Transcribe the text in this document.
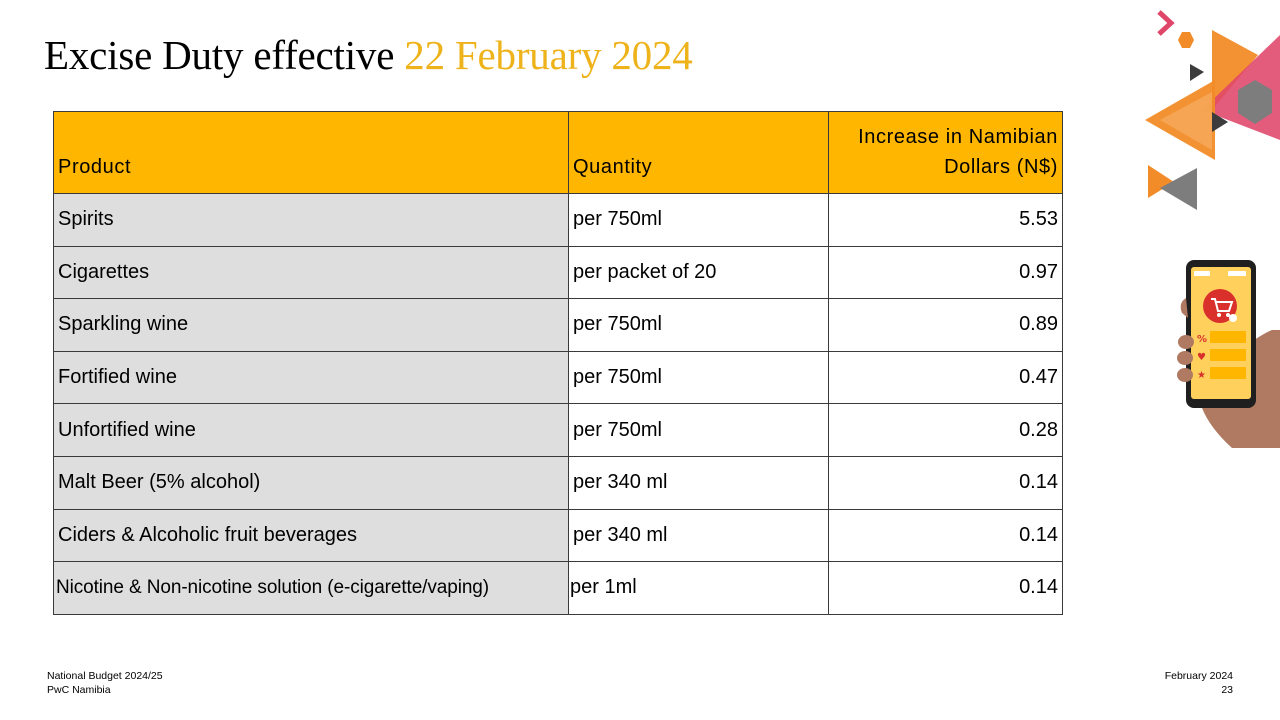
Excise Duty effective 22 February 2024
Product	Quantity	Increase in Namibian Dollars (N$)
Spirits	per 750ml	5.53
Cigarettes	per packet of 20	0.97
Sparkling wine	per 750ml	0.89
Fortified wine	per 750ml	0.47
Unfortified wine	per 750ml	0.28
Malt Beer (5% alcohol)	per 340 ml	0.14
Ciders & Alcoholic fruit beverages	per 340 ml	0.14
Nicotine & Non-nicotine solution (e-cigarette/vaping)	per 1ml	0.14
National Budget 2024/25
PwC Namibia
February 2024
23
%
♥
★
